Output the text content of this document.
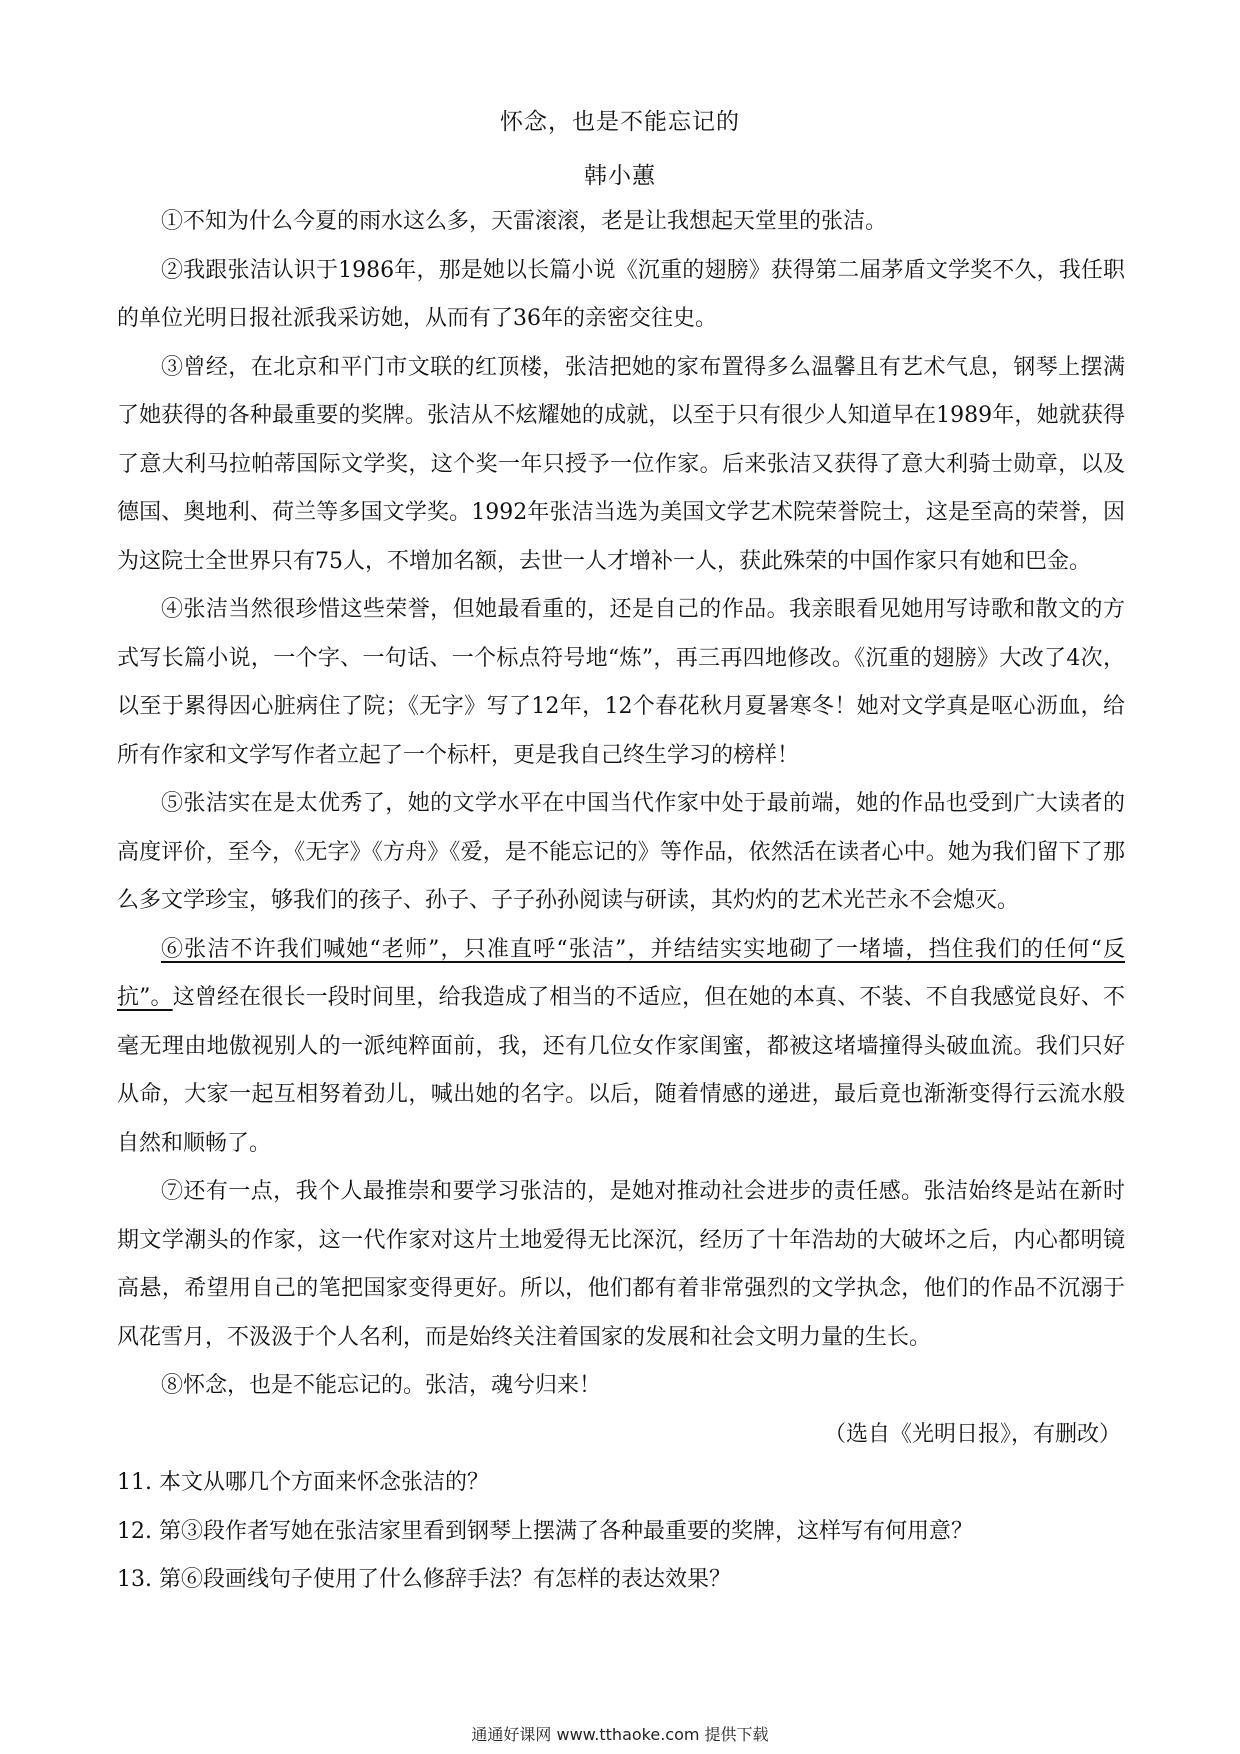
怀念，也是不能忘记的
韩小蕙

①不知为什么今夏的雨水这么多，天雷滚滚，老是让我想起天堂里的张洁。

②我跟张洁认识于1986年，那是她以长篇小说《沉重的翅膀》获得第二届茅盾文学奖不久，我任职的单位光明日报社派我采访她，从而有了36年的亲密交往史。

③曾经，在北京和平门市文联的红顶楼，张洁把她的家布置得多么温馨且有艺术气息，钢琴上摆满了她获得的各种最重要的奖牌。张洁从不炫耀她的成就，以至于只有很少人知道早在1989年，她就获得了意大利马拉帕蒂国际文学奖，这个奖一年只授予一位作家。后来张洁又获得了意大利骑士勋章，以及德国、奥地利、荷兰等多国文学奖。1992年张洁当选为美国文学艺术院荣誉院士，这是至高的荣誉，因为这院士全世界只有75人，不增加名额，去世一人才增补一人，获此殊荣的中国作家只有她和巴金。

④张洁当然很珍惜这些荣誉，但她最看重的，还是自己的作品。我亲眼看见她用写诗歌和散文的方式写长篇小说，一个字、一句话、一个标点符号地“炼”，再三再四地修改。《沉重的翅膀》大改了4次，以至于累得因心脏病住了院；《无字》写了12年，12个春花秋月夏暑寒冬！她对文学真是呕心沥血，给所有作家和文学写作者立起了一个标杆，更是我自己终生学习的榜样！

⑤张洁实在是太优秀了，她的文学水平在中国当代作家中处于最前端，她的作品也受到广大读者的高度评价，至今，《无字》《方舟》《爱，是不能忘记的》等作品，依然活在读者心中。她为我们留下了那么多文学珍宝，够我们的孩子、孙子、子子孙孙阅读与研读，其灼灼的艺术光芒永不会熄灭。

⑥张洁不许我们喊她“老师”，只准直呼“张洁”，并结结实实地砌了一堵墙，挡住我们的任何“反抗”。这曾经在很长一段时间里，给我造成了相当的不适应，但在她的本真、不装、不自我感觉良好、不毫无理由地傲视别人的一派纯粹面前，我，还有几位女作家闺蜜，都被这堵墙撞得头破血流。我们只好从命，大家一起互相努着劲儿，喊出她的名字。以后，随着情感的递进，最后竟也渐渐变得行云流水般自然和顺畅了。

⑦还有一点，我个人最推崇和要学习张洁的，是她对推动社会进步的责任感。张洁始终是站在新时期文学潮头的作家，这一代作家对这片土地爱得无比深沉，经历了十年浩劫的大破坏之后，内心都明镜高悬，希望用自己的笔把国家变得更好。所以，他们都有着非常强烈的文学执念，他们的作品不沉溺于风花雪月，不汲汲于个人名利，而是始终关注着国家的发展和社会文明力量的生长。

⑧怀念，也是不能忘记的。张洁，魂兮归来！

（选自《光明日报》，有删改）

11. 本文从哪几个方面来怀念张洁的？

12. 第③段作者写她在张洁家里看到钢琴上摆满了各种最重要的奖牌，这样写有何用意？

13. 第⑥段画线句子使用了什么修辞手法？有怎样的表达效果？

通通好课网 www.tthaoke.com 提供下载
